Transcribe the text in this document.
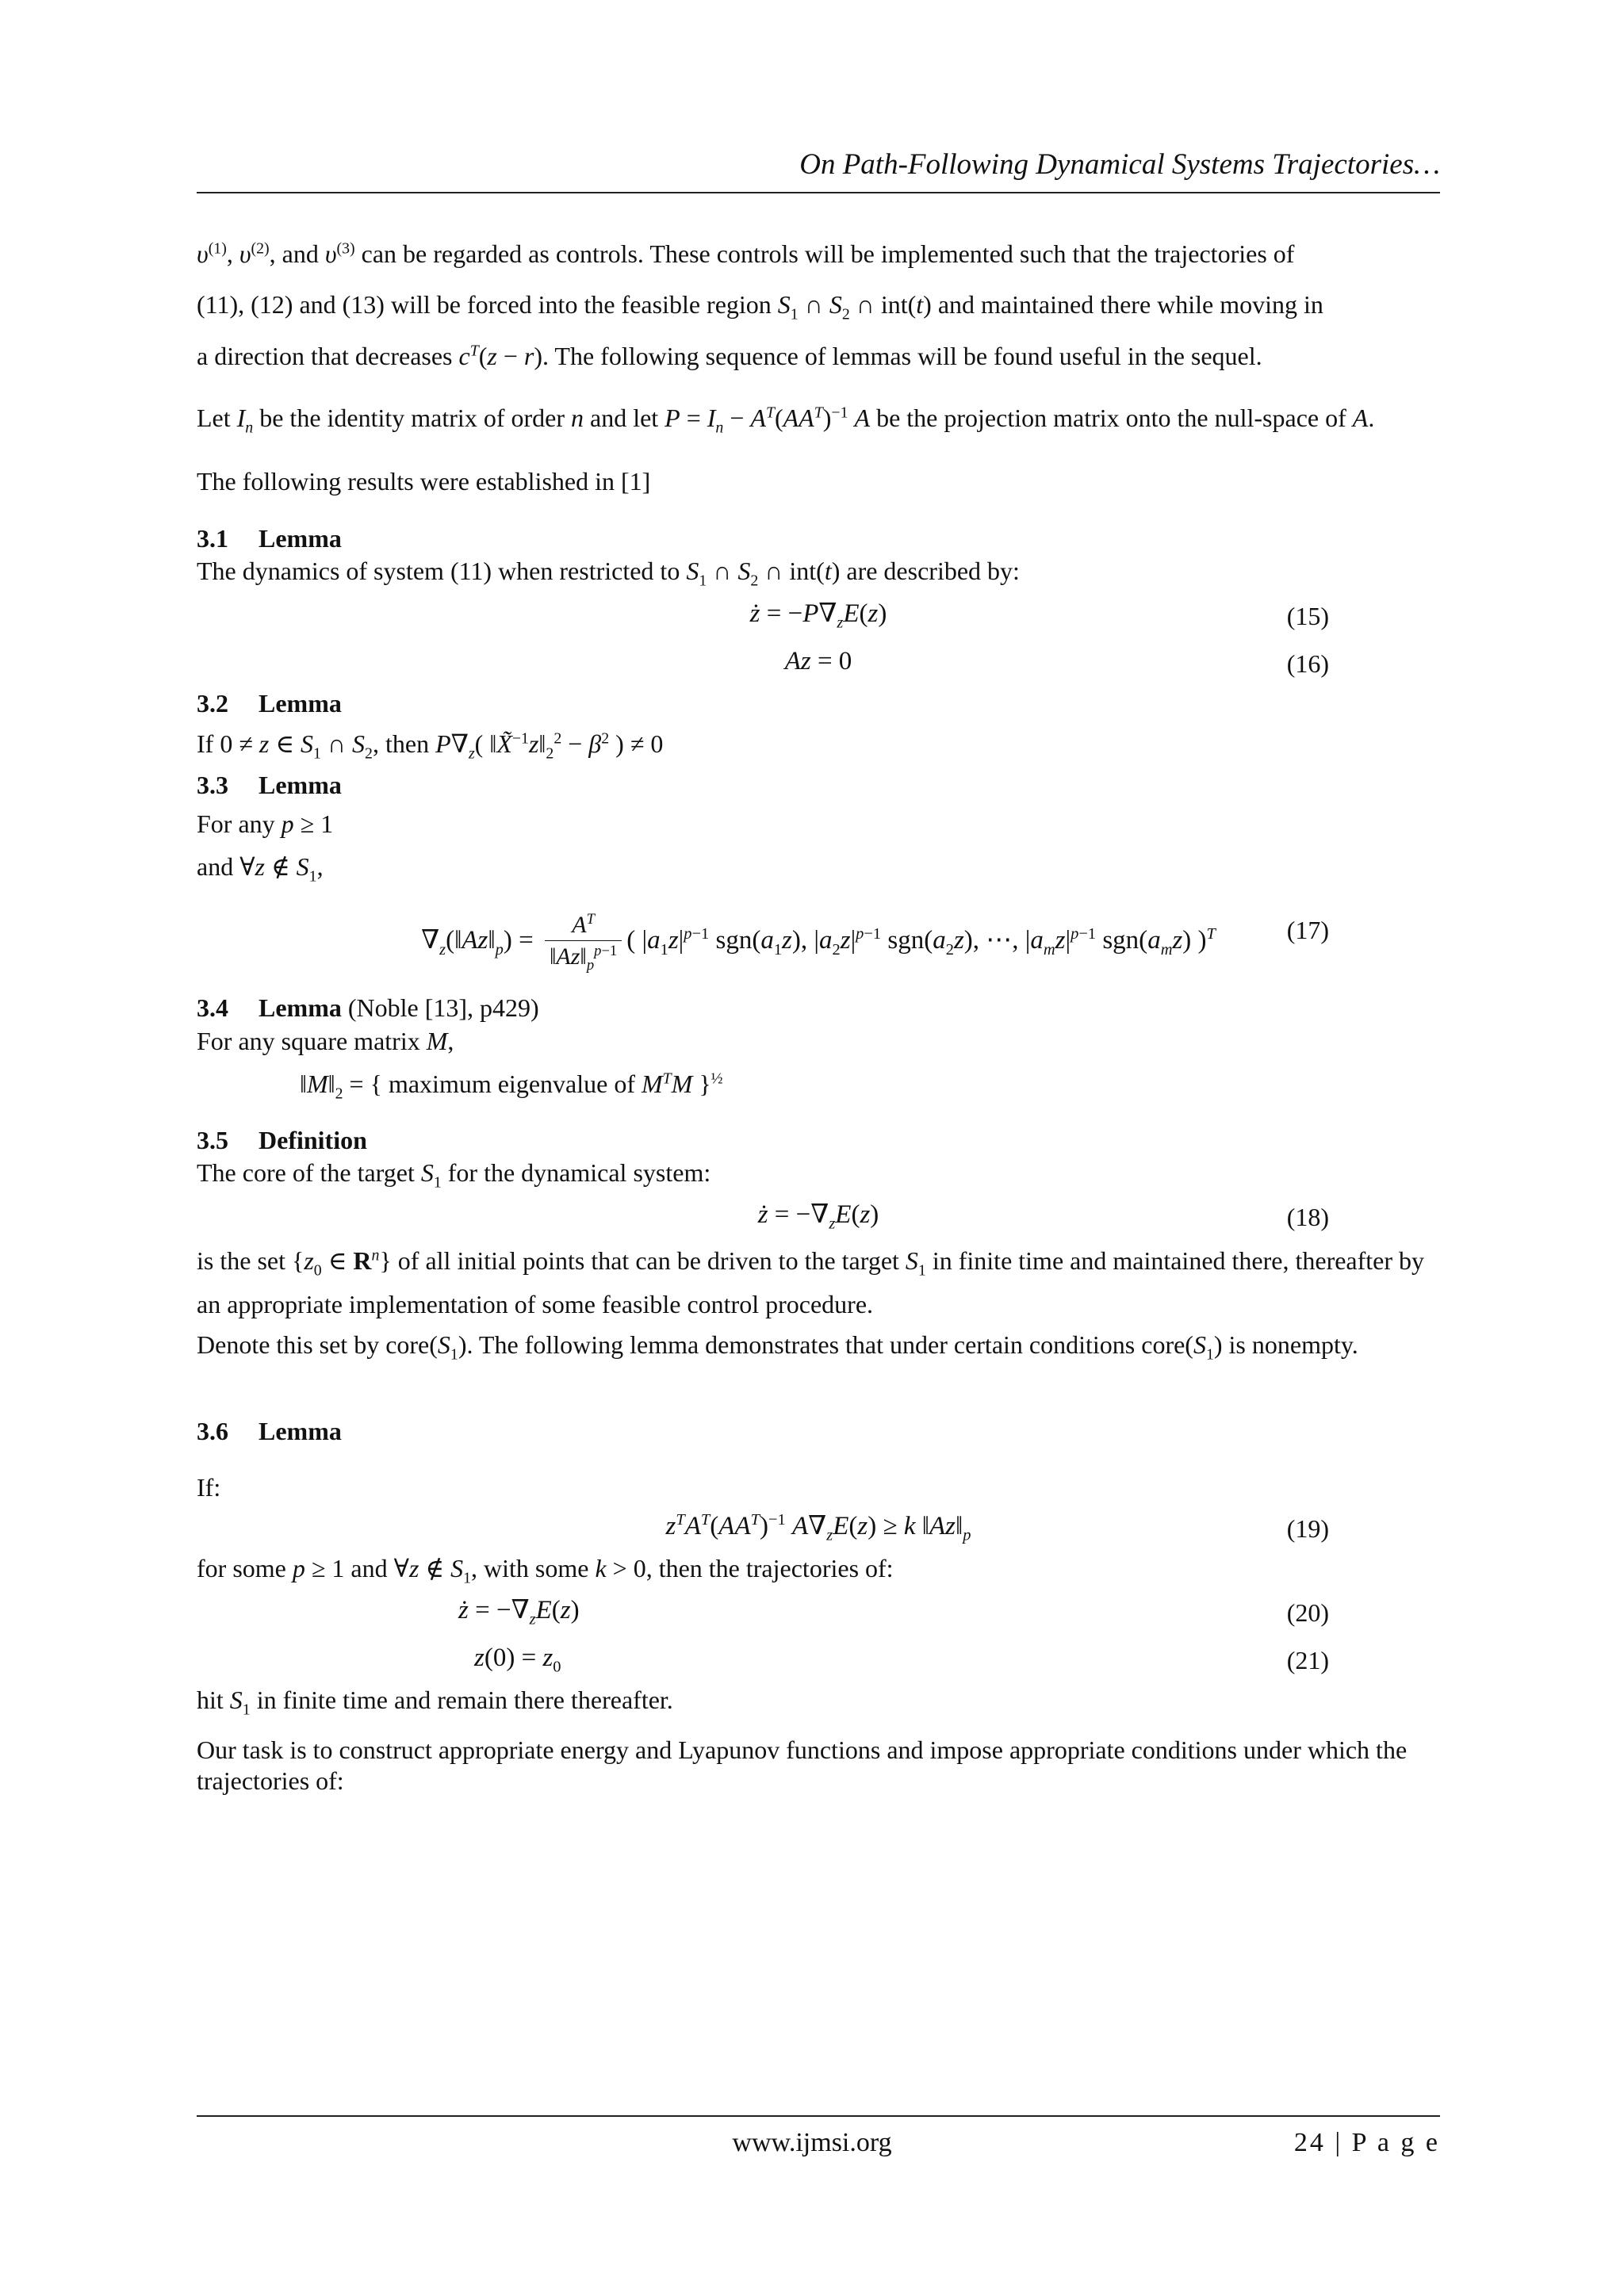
On Path-Following Dynamical Systems Trajectories…

$\upsilon^{(1)}$, $\upsilon^{(2)}$, and $\upsilon^{(3)}$ can be regarded as controls. These controls will be implemented such that the trajectories of
(11), (12) and (13) will be forced into the feasible region $S_1$ ∩ $S_2$ ∩ int(t) and maintained there while moving in
a direction that decreases $c^T(z - r)$. The following sequence of lemmas will be found useful in the sequel.

Let $I_n$ be the identity matrix of order n and let $P = I_n - A^T(AA^T)^{-1}$ A be the projection matrix onto the null-space of A.

The following results were established in [1]

3.1 Lemma

The dynamics of system (11) when restricted to $S_1$ ∩ $S_2$ ∩ int(t) are described by:

ż = $-P\nabla_zE(z)$	(15)
Az = 0	(16)

3.2 Lemma

If 0 ≠ z ∈ $S_1$ ∩ $S_2$, then $P\nabla_z$( $‖X̃^{-1}z‖_2^2 - \beta^2$ ) ≠ 0

3.3 Lemma

For any p ≥ 1
and ∀z ∉ $S_1$,

$\nabla_z(‖Az‖_p) = \frac{A^T}{‖Az‖_p^{p-1}}$ ( $|a_1z|^{p-1}$ $sgn(a_1z)$, $|a_2z|^{p-1}$ $sgn(a_2z)$, ⋯, $|a_mz|^{p-1}$ $sgn(a_mz)$ )$^T$	(17)

3.4 Lemma (Noble [13], p429)

For any square matrix M,

$‖M‖_2$ = { maximum eigenvalue of $M^TM$ }$^{\frac{1}{2}}$

3.5 Definition

The core of the target $S_1$ for the dynamical system:

ż = $-\nabla_zE(z)$	(18)

is the set {$z_0$ ∈ $R^n$} of all initial points that can be driven to the target $S_1$ in finite time and maintained there, thereafter by an appropriate implementation of some feasible control procedure.
Denote this set by $core(S_1)$. The following lemma demonstrates that under certain conditions $core(S_1)$ is nonempty.

3.6 Lemma

If:

$z^TA^T(AA^T)^{-1}$ $A\nabla_zE(z) \ge k$ $‖Az‖_p$	(19)

for some p ≥ 1 and ∀z ∉ $S_1$, with some k > 0, then the trajectories of:

ż = $-\nabla_zE(z)$	(20)
$z(0) = z_0$	(21)

hit $S_1$ in finite time and remain there thereafter.

Our task is to construct appropriate energy and Lyapunov functions and impose appropriate conditions under which the trajectories of:

www.ijmsi.org	24 | P a g e
